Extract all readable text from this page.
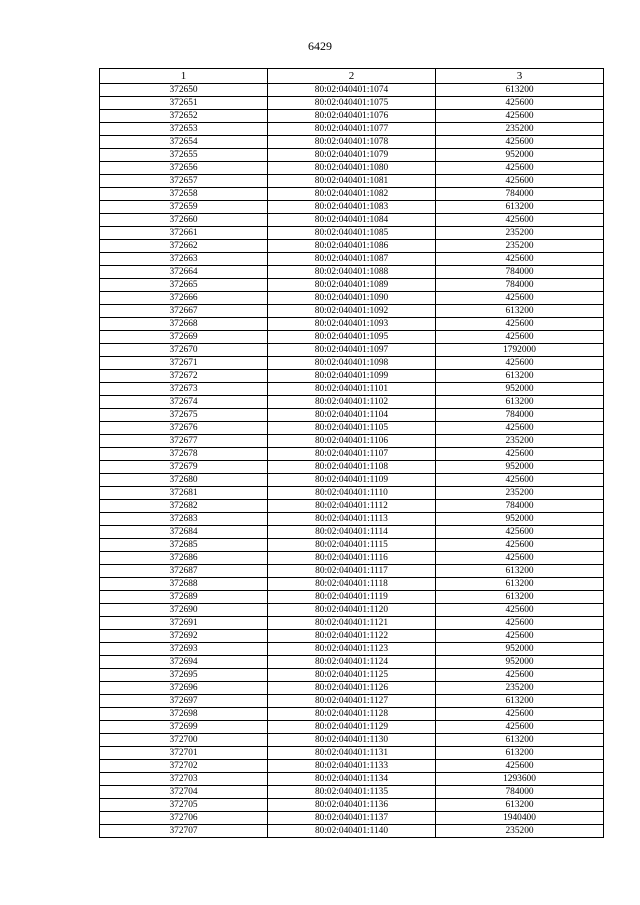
6429
1	2	3
372650	80:02:040401:1074	613200
372651	80:02:040401:1075	425600
372652	80:02:040401:1076	425600
372653	80:02:040401:1077	235200
372654	80:02:040401:1078	425600
372655	80:02:040401:1079	952000
372656	80:02:040401:1080	425600
372657	80:02:040401:1081	425600
372658	80:02:040401:1082	784000
372659	80:02:040401:1083	613200
372660	80:02:040401:1084	425600
372661	80:02:040401:1085	235200
372662	80:02:040401:1086	235200
372663	80:02:040401:1087	425600
372664	80:02:040401:1088	784000
372665	80:02:040401:1089	784000
372666	80:02:040401:1090	425600
372667	80:02:040401:1092	613200
372668	80:02:040401:1093	425600
372669	80:02:040401:1095	425600
372670	80:02:040401:1097	1792000
372671	80:02:040401:1098	425600
372672	80:02:040401:1099	613200
372673	80:02:040401:1101	952000
372674	80:02:040401:1102	613200
372675	80:02:040401:1104	784000
372676	80:02:040401:1105	425600
372677	80:02:040401:1106	235200
372678	80:02:040401:1107	425600
372679	80:02:040401:1108	952000
372680	80:02:040401:1109	425600
372681	80:02:040401:1110	235200
372682	80:02:040401:1112	784000
372683	80:02:040401:1113	952000
372684	80:02:040401:1114	425600
372685	80:02:040401:1115	425600
372686	80:02:040401:1116	425600
372687	80:02:040401:1117	613200
372688	80:02:040401:1118	613200
372689	80:02:040401:1119	613200
372690	80:02:040401:1120	425600
372691	80:02:040401:1121	425600
372692	80:02:040401:1122	425600
372693	80:02:040401:1123	952000
372694	80:02:040401:1124	952000
372695	80:02:040401:1125	425600
372696	80:02:040401:1126	235200
372697	80:02:040401:1127	613200
372698	80:02:040401:1128	425600
372699	80:02:040401:1129	425600
372700	80:02:040401:1130	613200
372701	80:02:040401:1131	613200
372702	80:02:040401:1133	425600
372703	80:02:040401:1134	1293600
372704	80:02:040401:1135	784000
372705	80:02:040401:1136	613200
372706	80:02:040401:1137	1940400
372707	80:02:040401:1140	235200
